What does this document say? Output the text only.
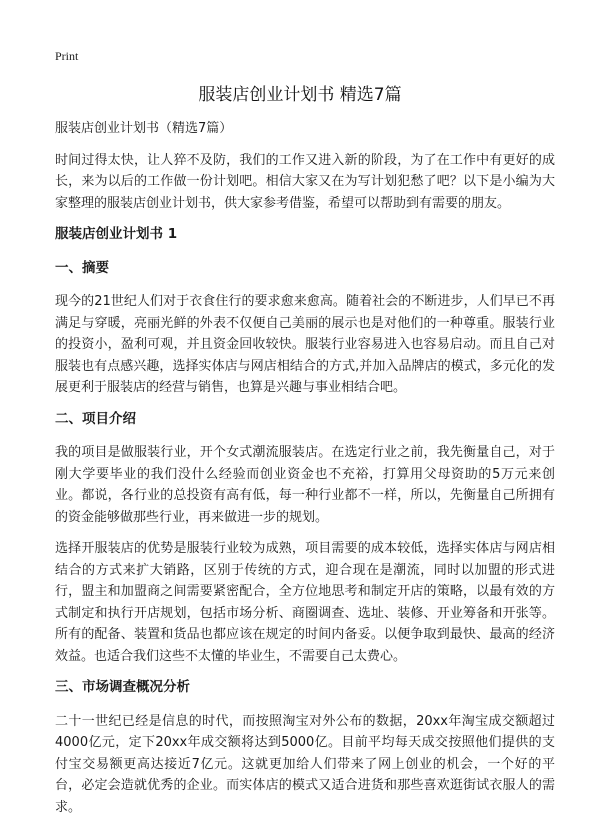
Print
服装店创业计划书 精选7篇

服装店创业计划书（精选7篇）

时间过得太快，让人猝不及防，我们的工作又进入新的阶段，为了在工作中有更好的成长，来为以后的工作做一份计划吧。相信大家又在为写计划犯愁了吧？以下是小编为大家整理的服装店创业计划书，供大家参考借鉴，希望可以帮助到有需要的朋友。

服装店创业计划书 1

一、摘要

现今的21世纪人们对于衣食住行的要求愈来愈高。随着社会的不断进步，人们早已不再满足与穿暖，亮丽光鲜的外表不仅便自己美丽的展示也是对他们的一种尊重。服装行业的投资小，盈利可观，并且资金回收较快。服装行业容易进入也容易启动。而且自己对服装也有点感兴趣，选择实体店与网店相结合的方式,并加入品牌店的模式，多元化的发展更利于服装店的经营与销售，也算是兴趣与事业相结合吧。

二、项目介绍

我的项目是做服装行业，开个女式潮流服装店。在选定行业之前，我先衡量自己，对于刚大学要毕业的我们没什么经验而创业资金也不充裕，打算用父母资助的5万元来创业。都说，各行业的总投资有高有低，每一种行业都不一样，所以，先衡量自己所拥有的资金能够做那些行业，再来做进一步的规划。

选择开服装店的优势是服装行业较为成熟，项目需要的成本较低，选择实体店与网店相结合的方式来扩大销路，区别于传统的方式，迎合现在是潮流，同时以加盟的形式进行，盟主和加盟商之间需要紧密配合，全方位地思考和制定开店的策略，以最有效的方式制定和执行开店规划，包括市场分析、商圈调查、选址、装修、开业筹备和开张等。所有的配备、装置和货品也都应该在规定的时间内备妥。以便争取到最快、最高的经济效益。也适合我们这些不太懂的毕业生，不需要自己太费心。

三、市场调查概况分析

二十一世纪已经是信息的时代，而按照淘宝对外公布的数据，20xx年淘宝成交额超过4000亿元，定下20xx年成交额将达到5000亿。目前平均每天成交按照他们提供的支付宝交易额更高达接近7亿元。这就更加给人们带来了网上创业的机会，一个好的平台，必定会造就优秀的企业。而实体店的模式又适合进货和那些喜欢逛街试衣服人的需求。
